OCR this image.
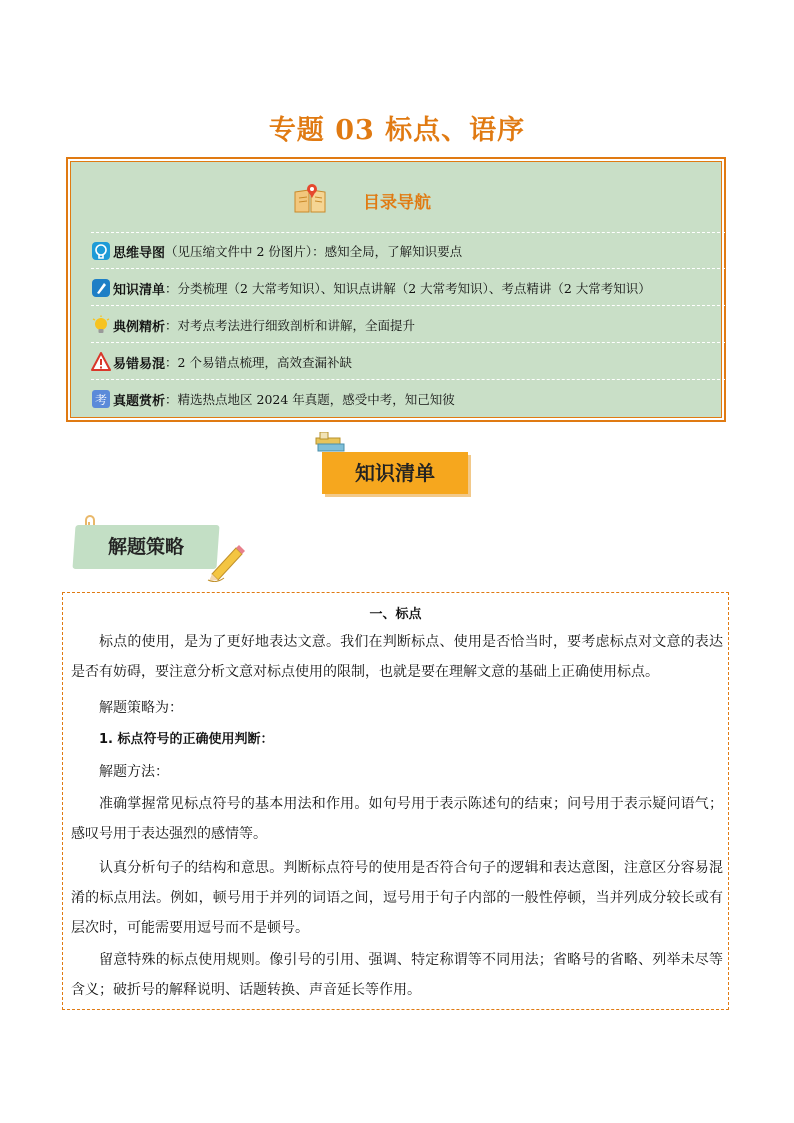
专题 03 标点、语序
目录导航
思维导图 （见压缩文件中 2 份图片）：感知全局，了解知识要点
知识清单 ：分类梳理（2 大常考知识）、知识点讲解（2 大常考知识）、考点精讲（2 大常考知识）
典例精析 ：对考点考法进行细致剖析和讲解，全面提升
易错易混 ：2 个易错点梳理，高效查漏补缺
考 真题赏析 ：精选热点地区 2024 年真题，感受中考，知己知彼
知识清单
解题策略
一、标点
标点的使用，是为了更好地表达文意。我们在判断标点、使用是否恰当时，要考虑标点对文意的表达是否有妨碍，要注意分析文意对标点使用的限制，也就是要在理解文意的基础上正确使用标点。
解题策略为：
1. 标点符号的正确使用判断：
解题方法：
准确掌握常见标点符号的基本用法和作用。如句号用于表示陈述句的结束；问号用于表示疑问语气；感叹号用于表达强烈的感情等。
认真分析句子的结构和意思。判断标点符号的使用是否符合句子的逻辑和表达意图，注意区分容易混淆的标点用法。例如，顿号用于并列的词语之间，逗号用于句子内部的一般性停顿，当并列成分较长或有层次时，可能需要用逗号而不是顿号。
留意特殊的标点使用规则。像引号的引用、强调、特定称谓等不同用法；省略号的省略、列举未尽等含义；破折号的解释说明、话题转换、声音延长等作用。
